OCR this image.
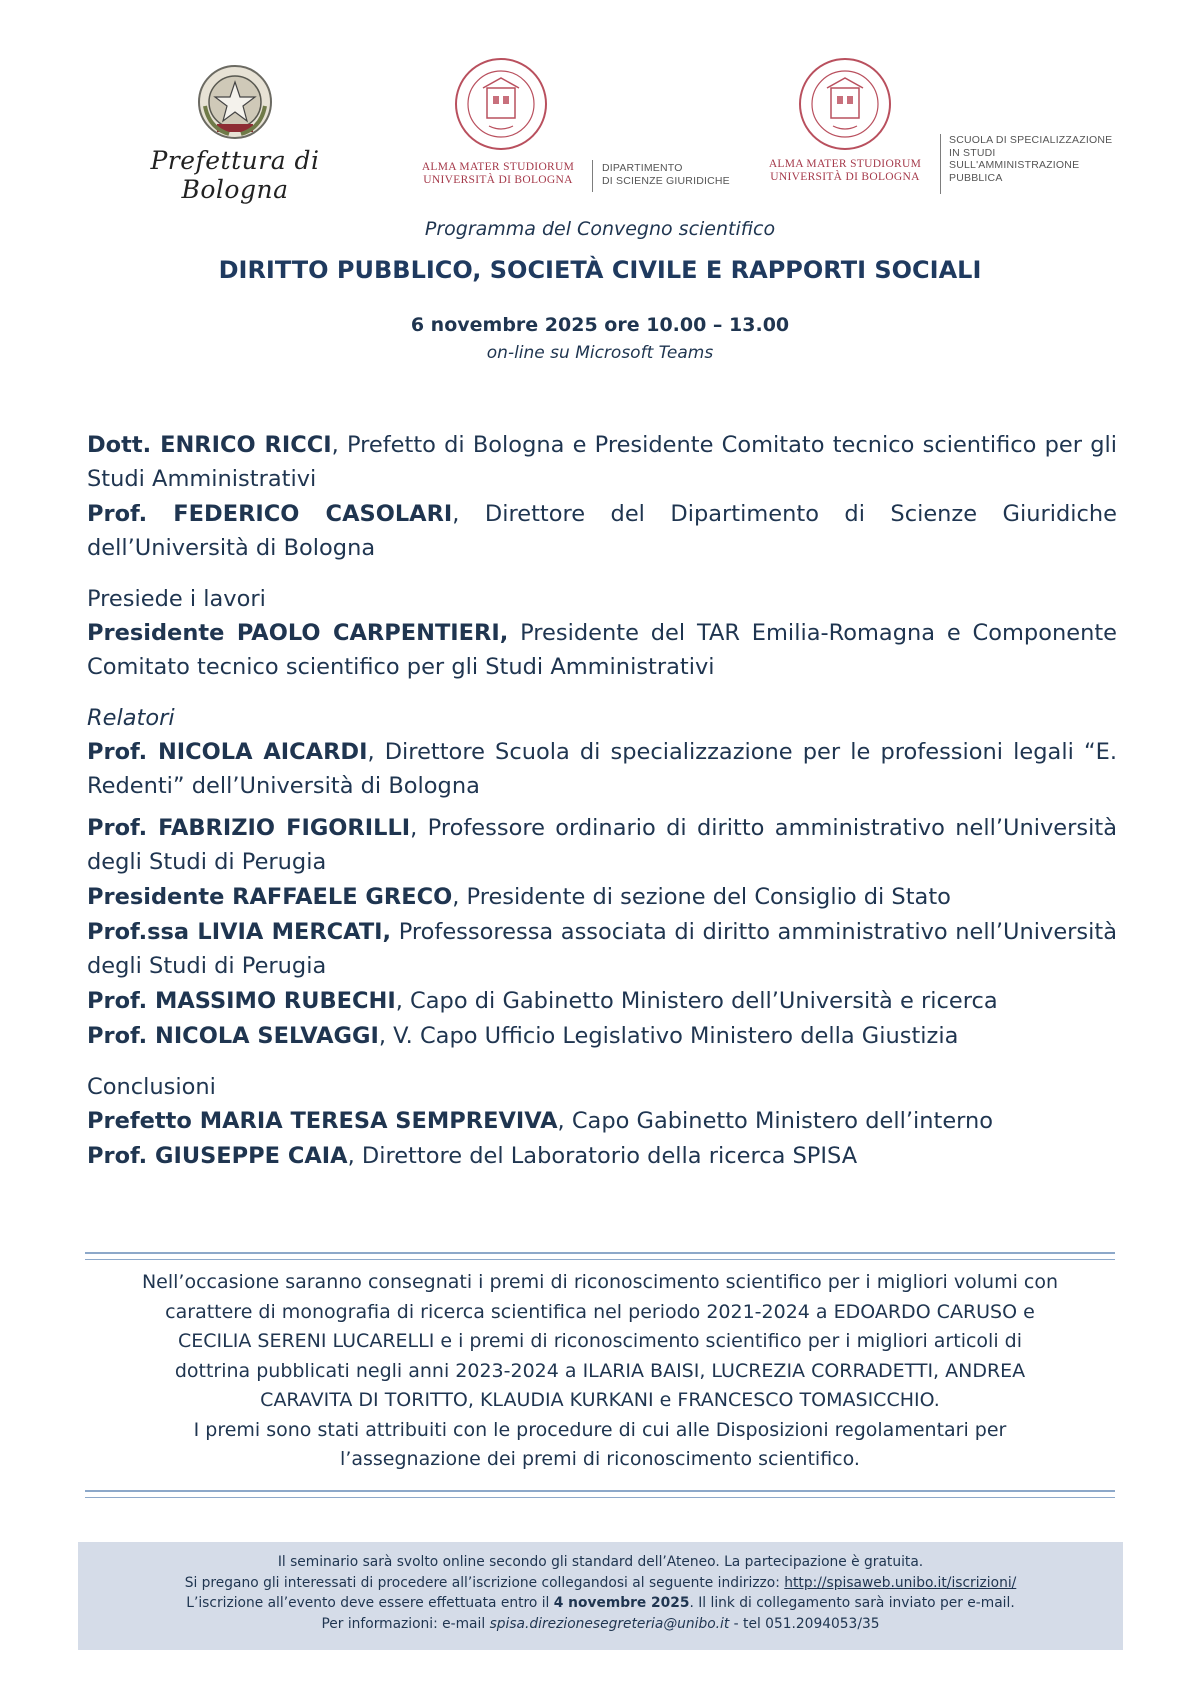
Prefettura di Bologna
ALMA MATER STUDIORUM
UNIVERSITÀ DI BOLOGNA
DIPARTIMENTO
DI SCIENZE GIURIDICHE
ALMA MATER STUDIORUM
UNIVERSITÀ DI BOLOGNA
SCUOLA DI SPECIALIZZAZIONE
IN STUDI
SULL'AMMINISTRAZIONE
PUBBLICA
Programma del Convegno scientifico
DIRITTO PUBBLICO, SOCIETÀ CIVILE E RAPPORTI SOCIALI
6 novembre 2025 ore 10.00 – 13.00
on-line su Microsoft Teams

Dott. ENRICO RICCI, Prefetto di Bologna e Presidente Comitato tecnico scientifico per gli Studi Amministrativi

Prof. FEDERICO CASOLARI, Direttore del Dipartimento di Scienze Giuridiche dell’Università di Bologna

Presiede i lavori

Presidente PAOLO CARPENTIERI, Presidente del TAR Emilia-Romagna e Componente Comitato tecnico scientifico per gli Studi Amministrativi

Relatori

Prof. NICOLA AICARDI, Direttore Scuola di specializzazione per le professioni legali “E. Redenti” dell’Università di Bologna

Prof. FABRIZIO FIGORILLI, Professore ordinario di diritto amministrativo nell’Università degli Studi di Perugia

Presidente RAFFAELE GRECO, Presidente di sezione del Consiglio di Stato

Prof.ssa LIVIA MERCATI, Professoressa associata di diritto amministrativo nell’Università degli Studi di Perugia

Prof. MASSIMO RUBECHI, Capo di Gabinetto Ministero dell’Università e ricerca

Prof. NICOLA SELVAGGI, V. Capo Ufficio Legislativo Ministero della Giustizia

Conclusioni

Prefetto MARIA TERESA SEMPREVIVA, Capo Gabinetto Ministero dell’interno

Prof. GIUSEPPE CAIA, Direttore del Laboratorio della ricerca SPISA

Nell’occasione saranno consegnati i premi di riconoscimento scientifico per i migliori volumi con
carattere di monografia di ricerca scientifica nel periodo 2021-2024 a EDOARDO CARUSO e
CECILIA SERENI LUCARELLI e i premi di riconoscimento scientifico per i migliori articoli di
dottrina pubblicati negli anni 2023-2024 a ILARIA BAISI, LUCREZIA CORRADETTI, ANDREA
CARAVITA DI TORITTO, KLAUDIA KURKANI e FRANCESCO TOMASICCHIO.
I premi sono stati attribuiti con le procedure di cui alle Disposizioni regolamentari per
l’assegnazione dei premi di riconoscimento scientifico.
Il seminario sarà svolto online secondo gli standard dell’Ateneo. La partecipazione è gratuita.
Si pregano gli interessati di procedere all’iscrizione collegandosi al seguente indirizzo: http://spisaweb.unibo.it/iscrizioni/
L’iscrizione all’evento deve essere effettuata entro il 4 novembre 2025. Il link di collegamento sarà inviato per e-mail.
Per informazioni: e-mail spisa.direzionesegreteria@unibo.it - tel 051.2094053/35
